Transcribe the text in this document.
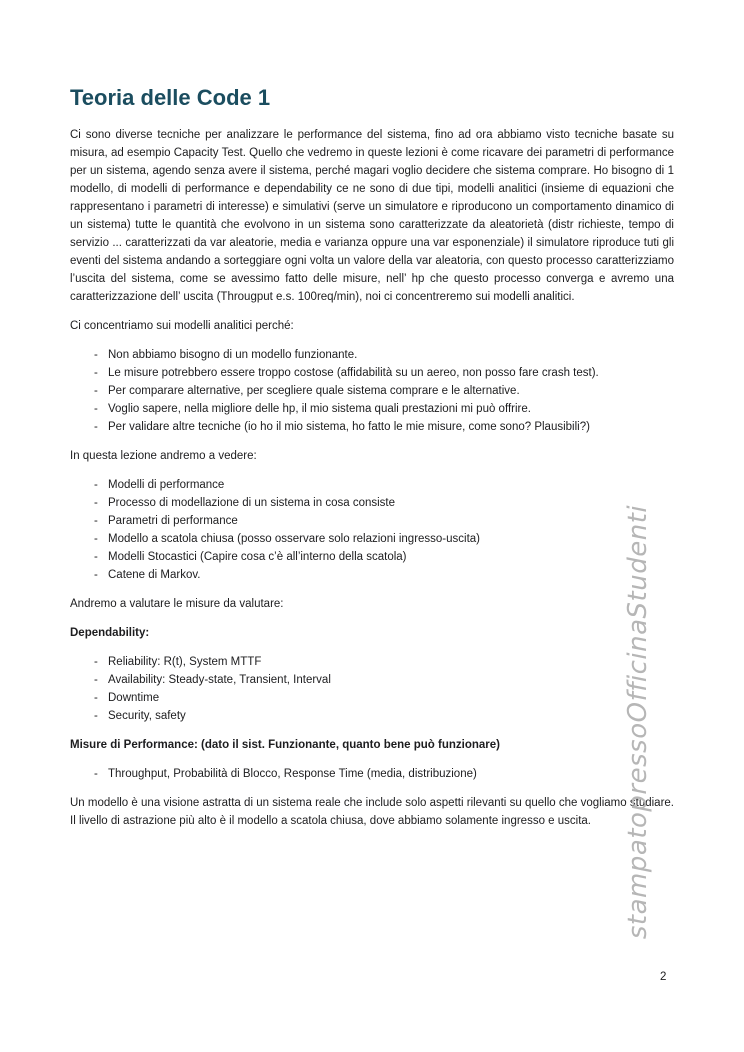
Teoria delle Code 1

Ci sono diverse tecniche per analizzare le performance del sistema, fino ad ora abbiamo visto tecniche basate su misura, ad esempio Capacity Test. Quello che vedremo in queste lezioni è come ricavare dei parametri di performance per un sistema, agendo senza avere il sistema, perché magari voglio decidere che sistema comprare. Ho bisogno di 1 modello, di modelli di performance e dependability ce ne sono di due tipi, modelli analitici (insieme di equazioni che rappresentano i parametri di interesse) e simulativi (serve un simulatore e riproducono un comportamento dinamico di un sistema) tutte le quantità che evolvono in un sistema sono caratterizzate da aleatorietà (distr richieste, tempo di servizio ... caratterizzati da var aleatorie, media e varianza oppure una var esponenziale) il simulatore riproduce tuti gli eventi del sistema andando a sorteggiare ogni volta un valore della var aleatoria, con questo processo caratterizziamo l’uscita del sistema, come se avessimo fatto delle misure, nell’ hp che questo processo converga e avremo una caratterizzazione dell’ uscita (Througput e.s. 100req/min), noi ci concentreremo sui modelli analitici.

Ci concentriamo sui modelli analitici perché:

- Non abbiamo bisogno di un modello funzionante.
- Le misure potrebbero essere troppo costose (affidabilità su un aereo, non posso fare crash test).
- Per comparare alternative, per scegliere quale sistema comprare e le alternative.
- Voglio sapere, nella migliore delle hp, il mio sistema quali prestazioni mi può offrire.
- Per validare altre tecniche (io ho il mio sistema, ho fatto le mie misure, come sono? Plausibili?)

In questa lezione andremo a vedere:

- Modelli di performance
- Processo di modellazione di un sistema in cosa consiste
- Parametri di performance
- Modello a scatola chiusa (posso osservare solo relazioni ingresso-uscita)
- Modelli Stocastici (Capire cosa c’è all’interno della scatola)
- Catene di Markov.

Andremo a valutare le misure da valutare:

Dependability:

- Reliability: R(t), System MTTF
- Availability: Steady-state, Transient, Interval
- Downtime
- Security, safety

Misure di Performance: (dato il sist. Funzionante, quanto bene può funzionare)

- Throughput, Probabilità di Blocco, Response Time (media, distribuzione)

Un modello è una visione astratta di un sistema reale che include solo aspetti rilevanti su quello che vogliamo studiare. Il livello di astrazione più alto è il modello a scatola chiusa, dove abbiamo solamente ingresso e uscita.	stampatopressoOfficinaStudenti
2
